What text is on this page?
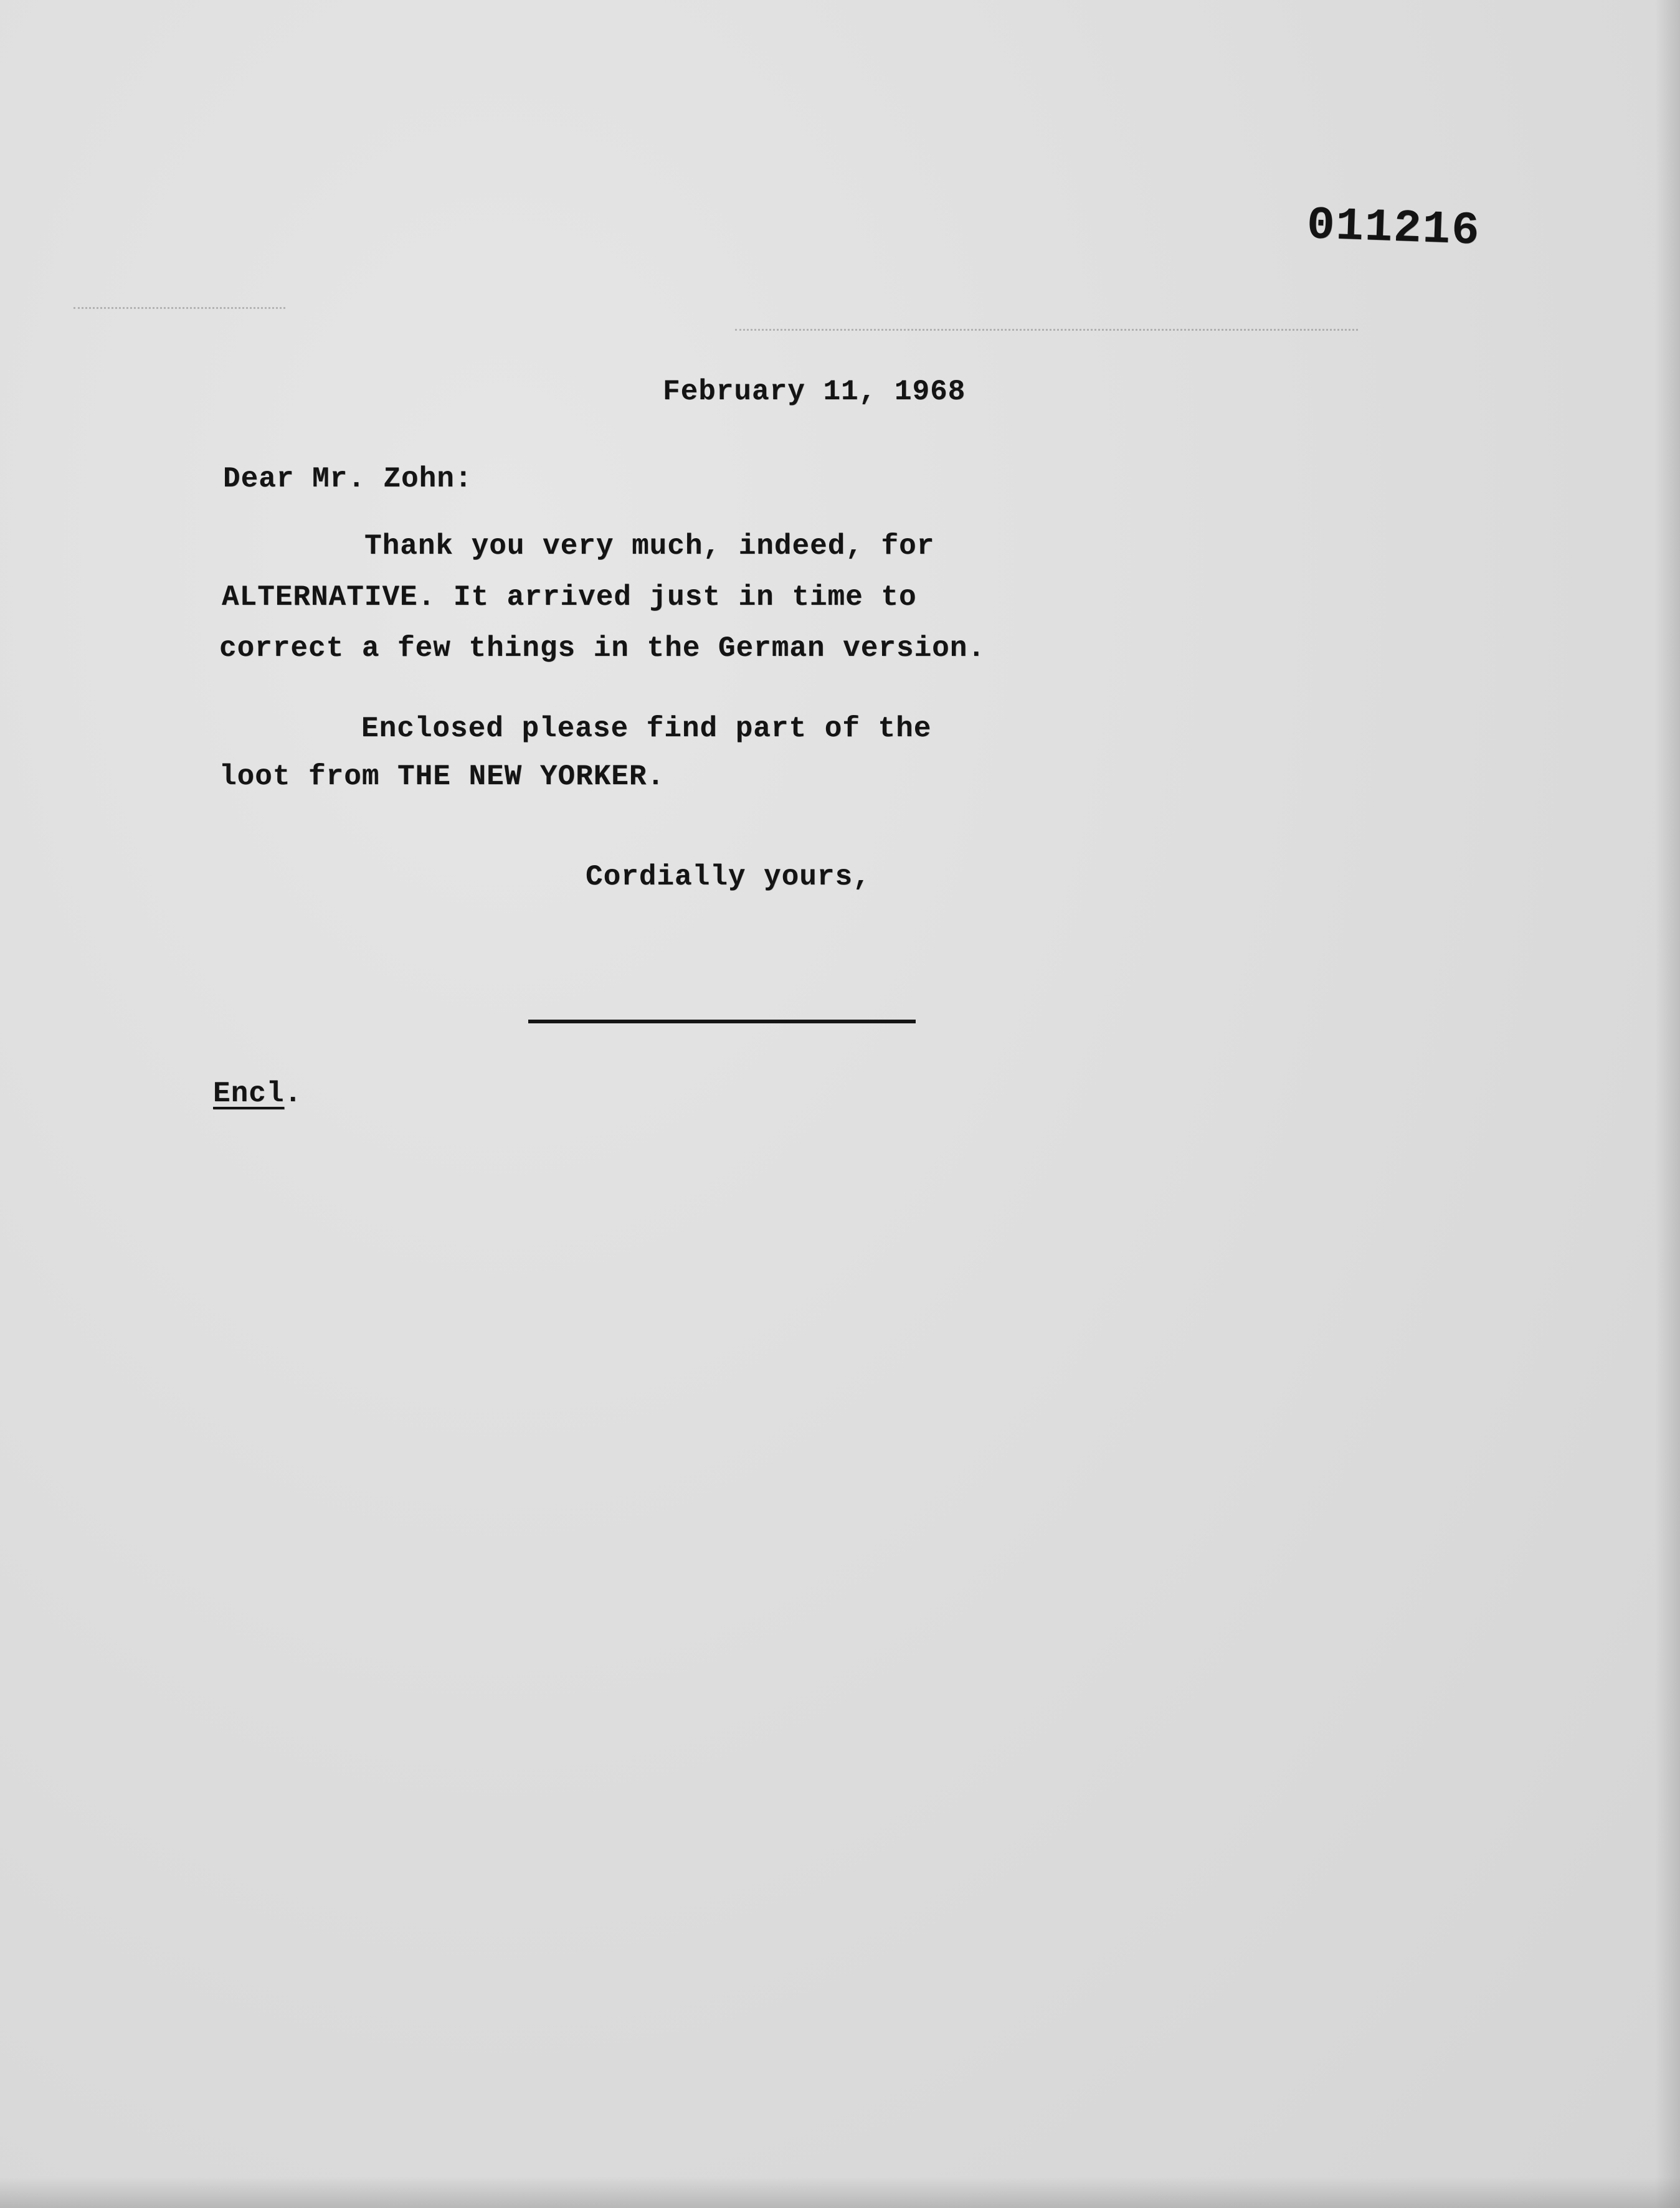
011216
February 11, 1968
Dear Mr. Zohn:
Thank you very much, indeed, for
ALTERNATIVE. It arrived just in time to
correct a few things in the German version.
Enclosed please find part of the
loot from THE NEW YORKER.
Cordially yours,
Encl.
